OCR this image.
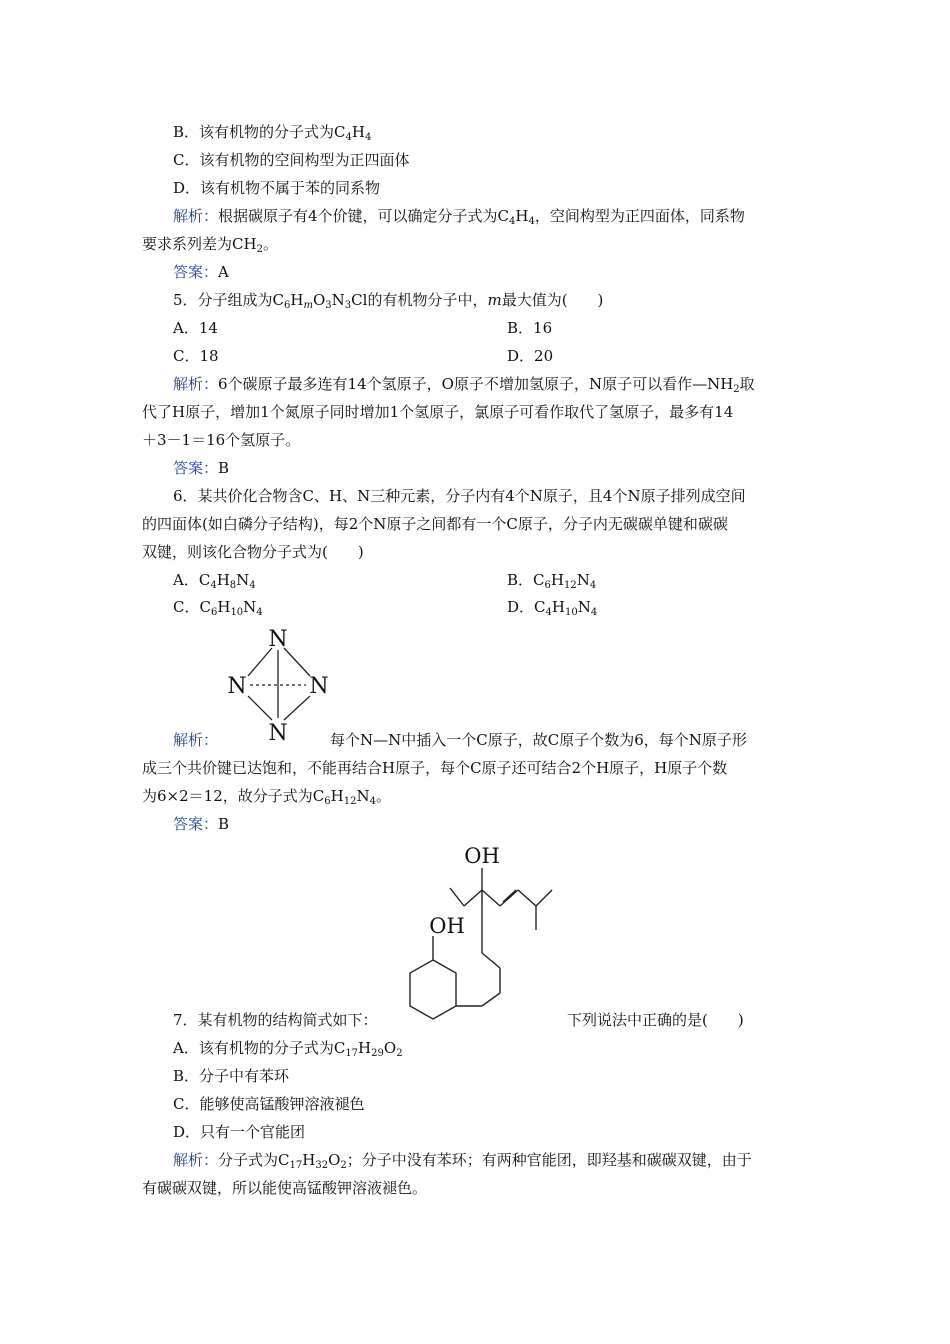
B．该有机物的分子式为$C_4H_4$
C．该有机物的空间构型为正四面体
D．该有机物不属于苯的同系物
解析：根据碳原子有4个价键，可以确定分子式为$C_4H_4$，空间构型为正四面体，同系物
要求系列差为$CH_2$。
答案：A
5．分子组成为$C_6H_mO_3N_3Cl$的有机物分子中，m最大值为(　　)
A．14	B．16
C．18	D．20
解析：6个碳原子最多连有14个氢原子，O原子不增加氢原子，N原子可以看作$—NH_2$取
代了H原子，增加1个氮原子同时增加1个氢原子，氯原子可看作取代了氢原子，最多有14
＋3－1＝16个氢原子。
答案：B
6．某共价化合物含C、H、N三种元素，分子内有4个N原子，且4个N原子排列成空间
的四面体(如白磷分子结构)，每2个N原子之间都有一个C原子，分子内无碳碳单键和碳碳
双键，则该化合物分子式为(　　)
A．$C_4H_8N_4$	B．$C_6H_{12}N_4$
C．$C_6H_{10}N_4$	D．$C_4H_{10}N_4$
N
N	N
N
解析：	每个N—N中插入一个C原子，故C原子个数为6，每个N原子形
成三个共价键已达饱和，不能再结合H原子，每个C原子还可结合2个H原子，H原子个数
为6×2＝12，故分子式为$C_6H_{12}N_4$。
答案：B
OH
OH
7．某有机物的结构简式如下：	下列说法中正确的是(　　)
A．该有机物的分子式为$C_{17}H_{29}O_2$
B．分子中有苯环
C．能够使高锰酸钾溶液褪色
D．只有一个官能团
解析：分子式为$C_{17}H_{32}O_2$；分子中没有苯环；有两种官能团，即羟基和碳碳双键，由于
有碳碳双键，所以能使高锰酸钾溶液褪色。
